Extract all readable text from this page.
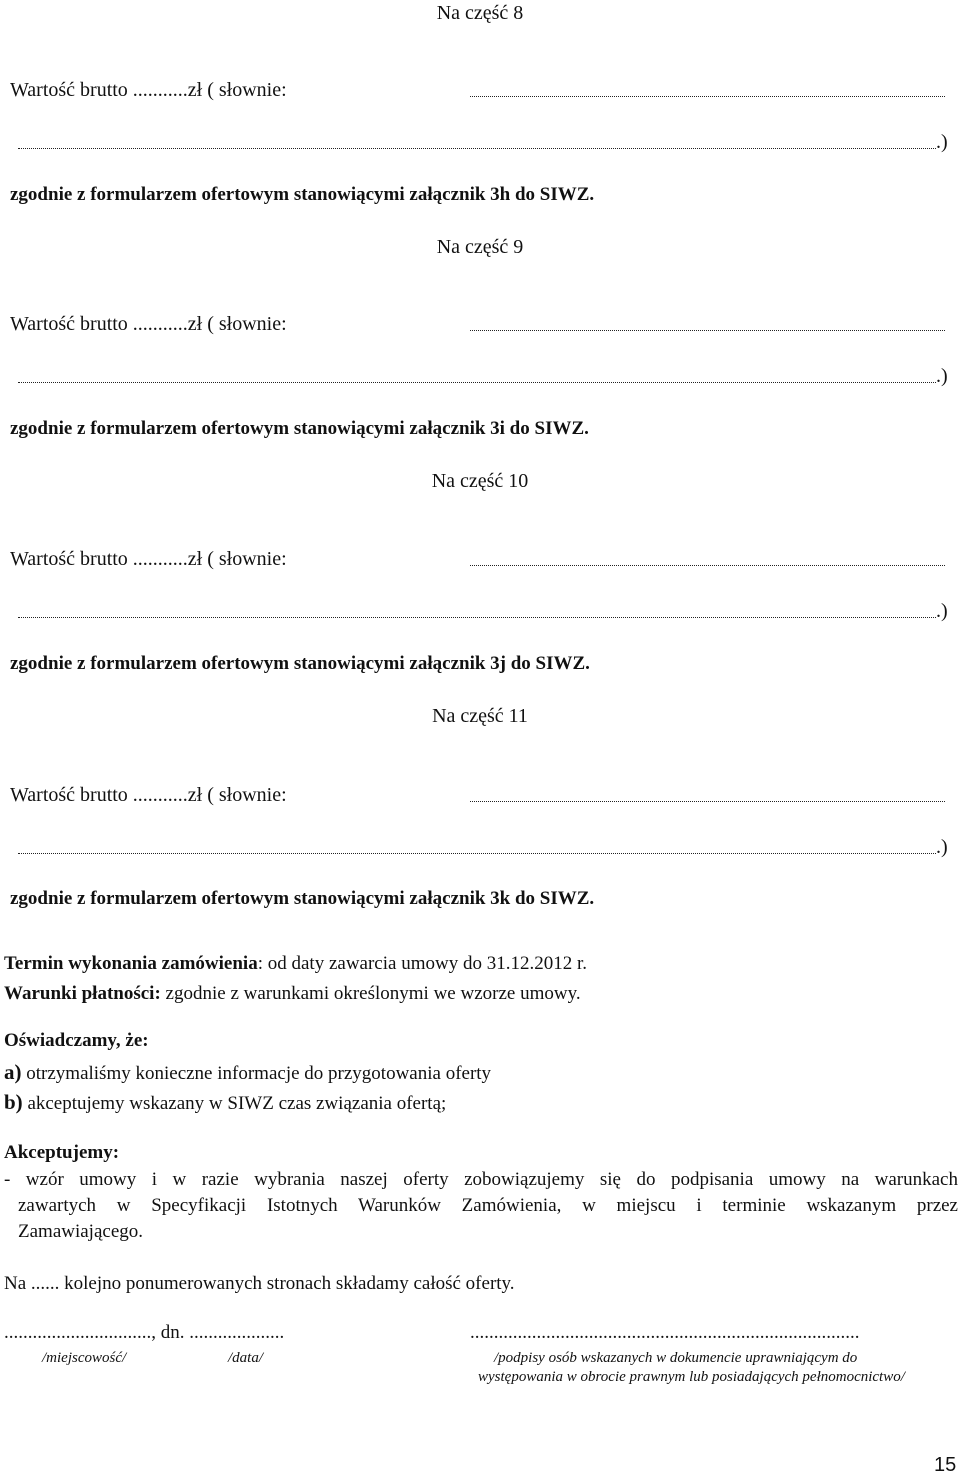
Na część 8
Wartość brutto ...........zł ( słownie:
.)
zgodnie z formularzem ofertowym stanowiącymi załącznik 3h do SIWZ.
Na część 9
Wartość brutto ...........zł ( słownie:
.)
zgodnie z formularzem ofertowym stanowiącymi załącznik 3i do SIWZ.
Na część 10
Wartość brutto ...........zł ( słownie:
.)
zgodnie z formularzem ofertowym stanowiącymi załącznik 3j do SIWZ.
Na część 11
Wartość brutto ...........zł ( słownie:
.)
zgodnie z formularzem ofertowym stanowiącymi załącznik 3k do SIWZ.
Termin wykonania zamówienia: od daty zawarcia umowy do 31.12.2012 r.
Warunki płatności: zgodnie z warunkami określonymi we wzorze umowy.
Oświadczamy, że:
a) otrzymaliśmy konieczne informacje do przygotowania oferty
b) akceptujemy wskazany w SIWZ czas związania ofertą;
Akceptujemy:
- wzór umowy i w razie wybrania naszej oferty zobowiązujemy się do podpisania umowy na warunkach
zawartych w Specyfikacji Istotnych Warunków Zamówienia, w miejscu i terminie wskazanym przez
Zamawiającego.
Na ...... kolejno ponumerowanych stronach składamy całość oferty.
..............................., dn. ....................	..................................................................................
/miejscowość/	/data/	/podpisy osób wskazanych w dokumencie uprawniającym do
występowania w obrocie prawnym lub posiadających pełnomocnictwo/
15
